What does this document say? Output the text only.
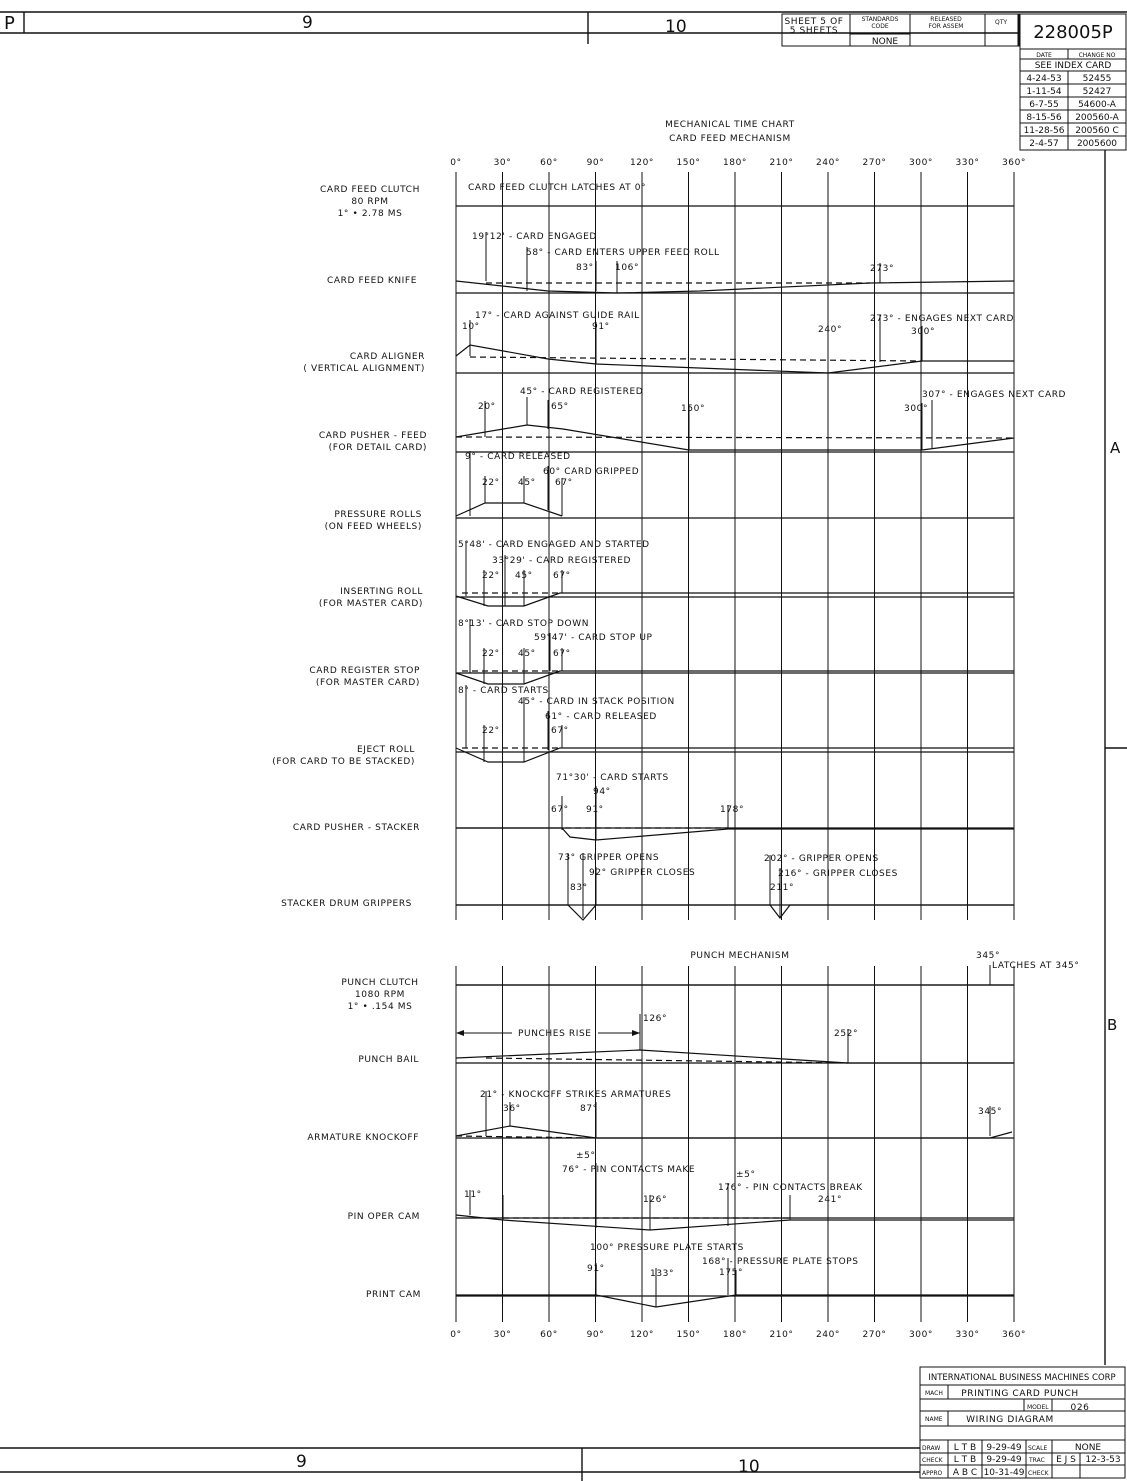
P	9	10
9	10
A
B
SHEET 5 OF
5 SHEETS
STANDARDS
CODE
NONE
RELEASED
FOR ASSEM
QTY 228005P
DATE	CHANGE NO
SEE INDEX CARD
4-24-53 52455
1-11-54 52427
6-7-55 54600-A
8-15-56 200560-A
11-28-56 200560 C
2-4-57 2005600
MECHANICAL TIME CHART
CARD FEED MECHANISM
0°
0°
30°
30°
60°
60°
90°
90°
120°
120°
150°
150°
180°
180°
210°
210°
240°
240°
270°
270°
300°
300°
330°
330°
360°
360°
CARD FEED CLUTCH
80 RPM
1° • 2.78 MS
CARD FEED KNIFE
CARD ALIGNER
( VERTICAL ALIGNMENT)
CARD PUSHER - FEED
(FOR DETAIL CARD)
PRESSURE ROLLS
(ON FEED WHEELS)
INSERTING ROLL
(FOR MASTER CARD)
CARD REGISTER STOP
(FOR MASTER CARD)
EJECT ROLL
(FOR CARD TO BE STACKED)
CARD PUSHER - STACKER
STACKER DRUM GRIPPERS
PUNCH CLUTCH
1080 RPM
1° • .154 MS
PUNCH BAIL
ARMATURE KNOCKOFF
PIN OPER CAM
PRINT CAM
PUNCH MECHANISM
CARD FEED CLUTCH LATCHES AT 0°
19°12' - CARD ENGAGED
58° - CARD ENTERS UPPER FEED ROLL
83° 106°	273°
17° - CARD AGAINST GUIDE RAIL
10°	91°	240°
273° - ENGAGES NEXT CARD
300°
45° - CARD REGISTERED
20°	65°	150°	300°
307° - ENGAGES NEXT CARD
9° - CARD RELEASED
60° CARD GRIPPED
22° 45° 67°
5°48' - CARD ENGAGED AND STARTED
33°29' - CARD REGISTERED
22° 45° 67°
8°13' - CARD STOP DOWN
59°47' - CARD STOP UP
22° 45° 67°
8° - CARD STARTS
45° - CARD IN STACK POSITION
61° - CARD RELEASED
22°	67°
71°30' - CARD STARTS
94°
67° 91°	178°
73° GRIPPER OPENS
92° GRIPPER CLOSES
202° - GRIPPER OPENS
216° - GRIPPER CLOSES
83°	211°
345°
LATCHES AT 345°
PUNCHES RISE
126°
252°
21° - KNOCKOFF STRIKES ARMATURES
36°	87°	345°
±5°
76° - PIN CONTACTS MAKE	±5°
176° - PIN CONTACTS BREAK
11°	126°	241°
100° PRESSURE PLATE STARTS
168° - PRESSURE PLATE STOPS
91°	133°	175°
INTERNATIONAL BUSINESS MACHINES CORP
MACH PRINTING CARD PUNCH
MODEL 026
NAME	WIRING DIAGRAM
DRAW L T B 9-29-49 SCALE	NONE
CHECK L T B 9-29-49 TRAC E J S 12-3-53
APPRO A B C 10-31-49 CHECK
